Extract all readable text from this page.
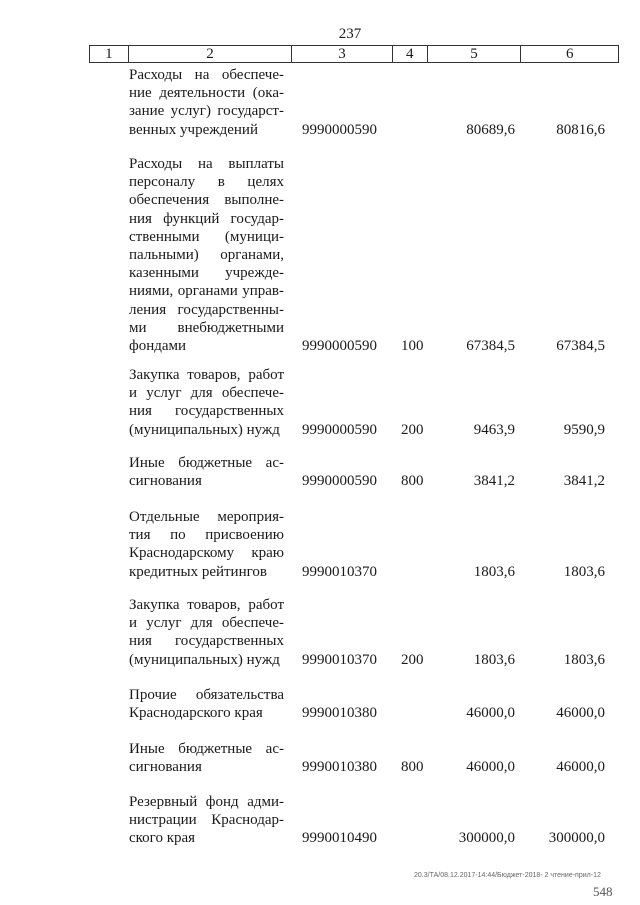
237
1	2	3	4	5	6
Расходы на обеспече-
ние деятельности (ока-
зание услуг) государст-
венных учреждений	9990000590	80689,6	80816,6
Расходы на выплаты
персоналу в целях
обеспечения выполне-
ния функций государ-
ственными (муници-
пальными) органами,
казенными учрежде-
ниями, органами управ-
ления государственны-
ми внебюджетными
фондами	9990000590 100	67384,5	67384,5
Закупка товаров, работ
и услуг для обеспече-
ния государственных
(муниципальных) нужд 9990000590 200	9463,9	9590,9
Иные бюджетные ас-
сигнования	9990000590 800	3841,2	3841,2
Отдельные мероприя-
тия по присвоению
Краснодарскому краю
кредитных рейтингов	9990010370	1803,6	1803,6
Закупка товаров, работ
и услуг для обеспече-
ния государственных
(муниципальных) нужд 9990010370 200	1803,6	1803,6
Прочие обязательства
Краснодарского края	9990010380	46000,0	46000,0
Иные бюджетные ас-
сигнования	9990010380 800	46000,0	46000,0
Резервный фонд адми-
нистрации Краснодар-
ского края	9990010490	300000,0 300000,0
20.3/ТА/08.12.2017-14:44/Бюджет-2018- 2 чтение-прил-12
548
